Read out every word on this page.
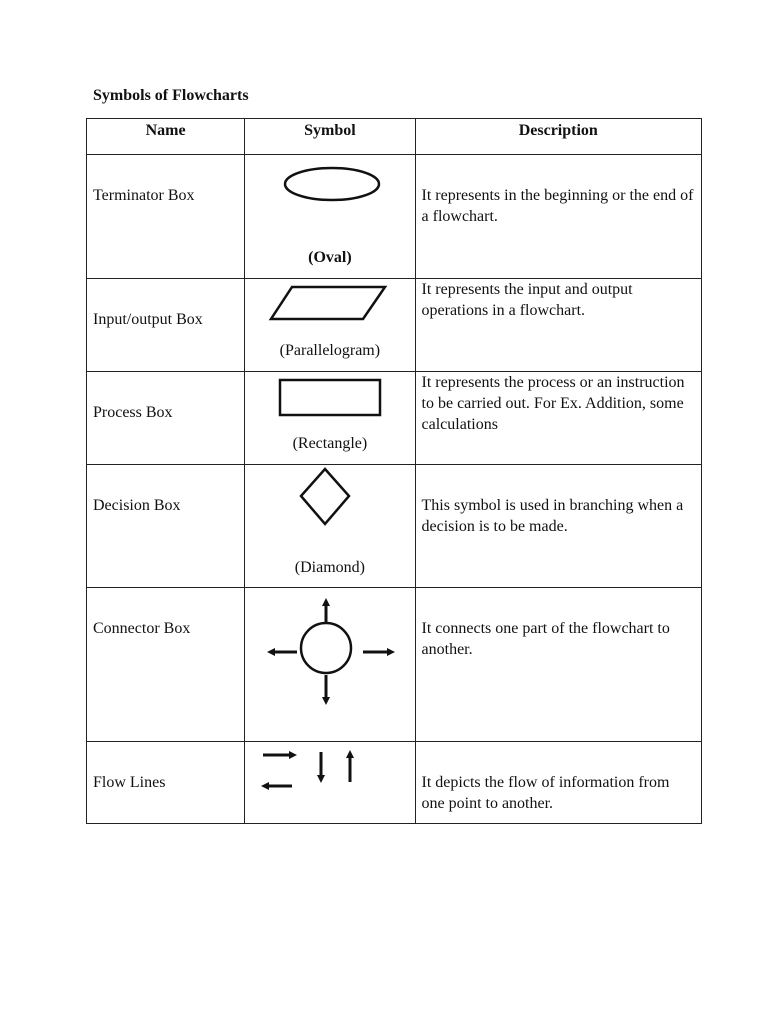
Symbols of Flowcharts
Name	Symbol	Description
Terminator Box	(Oval)	It represents in the beginning or the end of a flowchart.
Input/output Box	(Parallelogram)	It represents the input and output operations in a flowchart.
Process Box	(Rectangle)	It represents the process or an instruction to be carried out. For Ex. Addition, some calculations
Decision Box	(Diamond)	This symbol is used in branching when a decision is to be made.
Connector Box		It connects one part of the flowchart to another.
Flow Lines		It depicts the flow of information from one point to another.
